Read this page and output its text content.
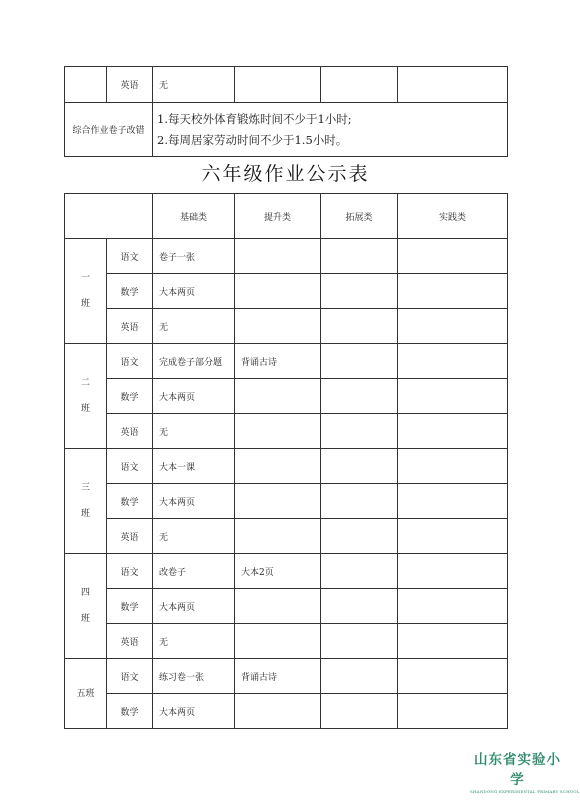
	英语	无			
综合作业卷子改错		1.每天校外体育锻炼时间不少于1小时;
2.每周居家劳动时间不少于1.5小时。			
六年级作业公示表
		基础类	提升类	拓展类	实践类
一
班	语文	卷子一张			
	数学	大本两页			
	英语	无			
二
班	语文	完成卷子部分题	背诵古诗		
	数学	大本两页			
	英语	无			
三
班	语文	大本一课			
	数学	大本两页			
	英语	无			
四
班	语文	改卷子	大本2页		
	数学	大本两页			
	英语	无			
五班	语文	练习卷一张	背诵古诗		
	数学	大本两页			
山东省实验小学
SHANDONG EXPERIMENTAL PRIMARY SCHOOL
